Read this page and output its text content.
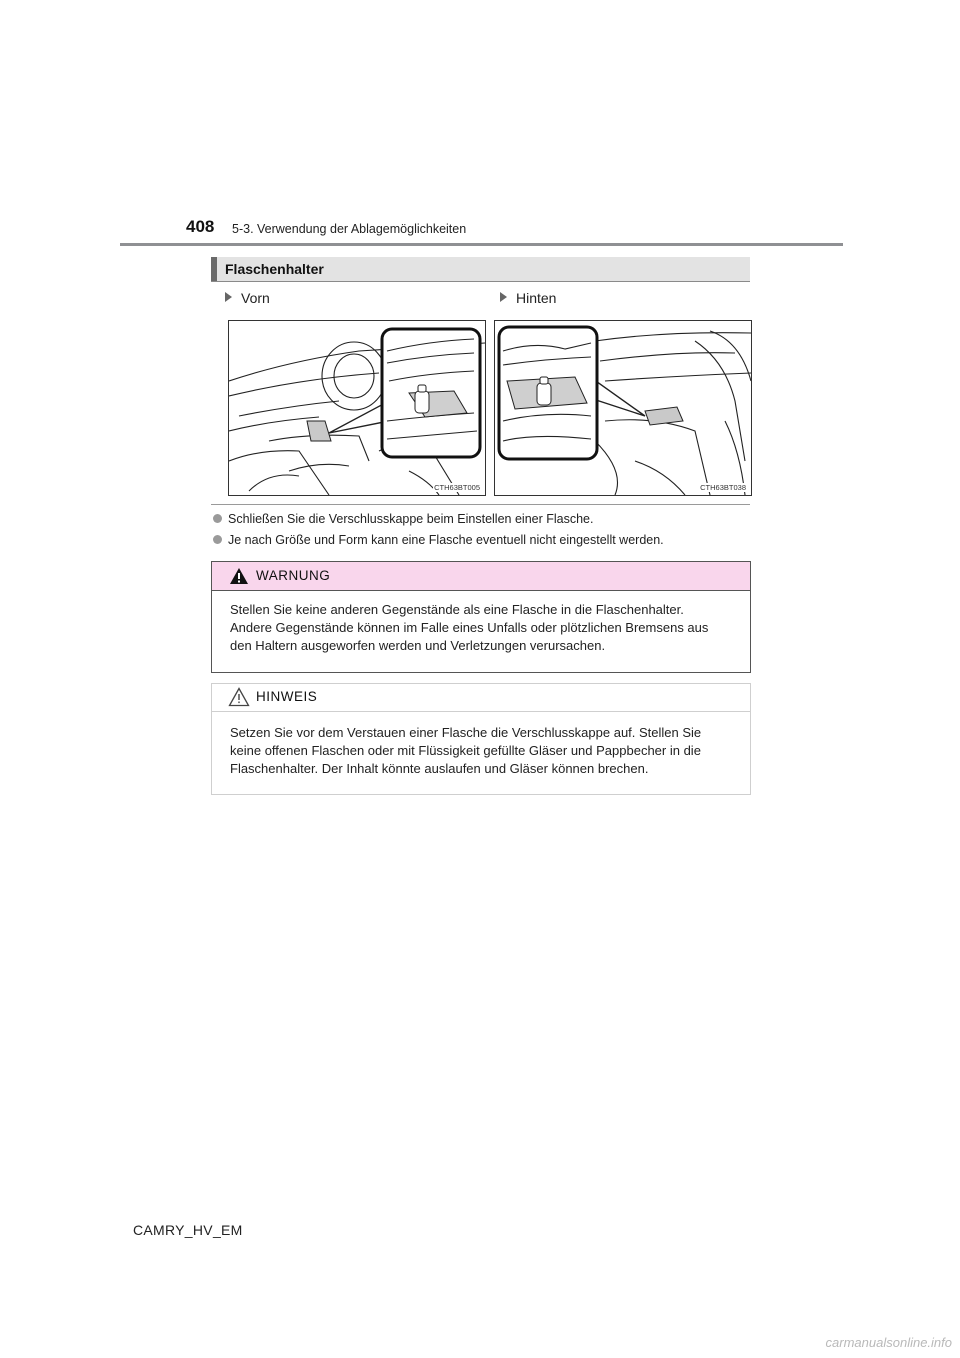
408 5-3. Verwendung der Ablagemöglichkeiten
Flaschenhalter
Vorn	Hinten
CTH63BT005	CTH63BT038
Schließen Sie die Verschlusskappe beim Einstellen einer Flasche.
Je nach Größe und Form kann eine Flasche eventuell nicht eingestellt werden.
WARNUNG

Stellen Sie keine anderen Gegenstände als eine Flasche in die Flaschenhalter.

Andere Gegenstände können im Falle eines Unfalls oder plötzlichen Bremsens aus

den Haltern ausgeworfen werden und Verletzungen verursachen.

HINWEIS

Setzen Sie vor dem Verstauen einer Flasche die Verschlusskappe auf. Stellen Sie

keine offenen Flaschen oder mit Flüssigkeit gefüllte Gläser und Pappbecher in die

Flaschenhalter. Der Inhalt könnte auslaufen und Gläser können brechen.

CAMRY_HV_EM
carmanualsonline.info
